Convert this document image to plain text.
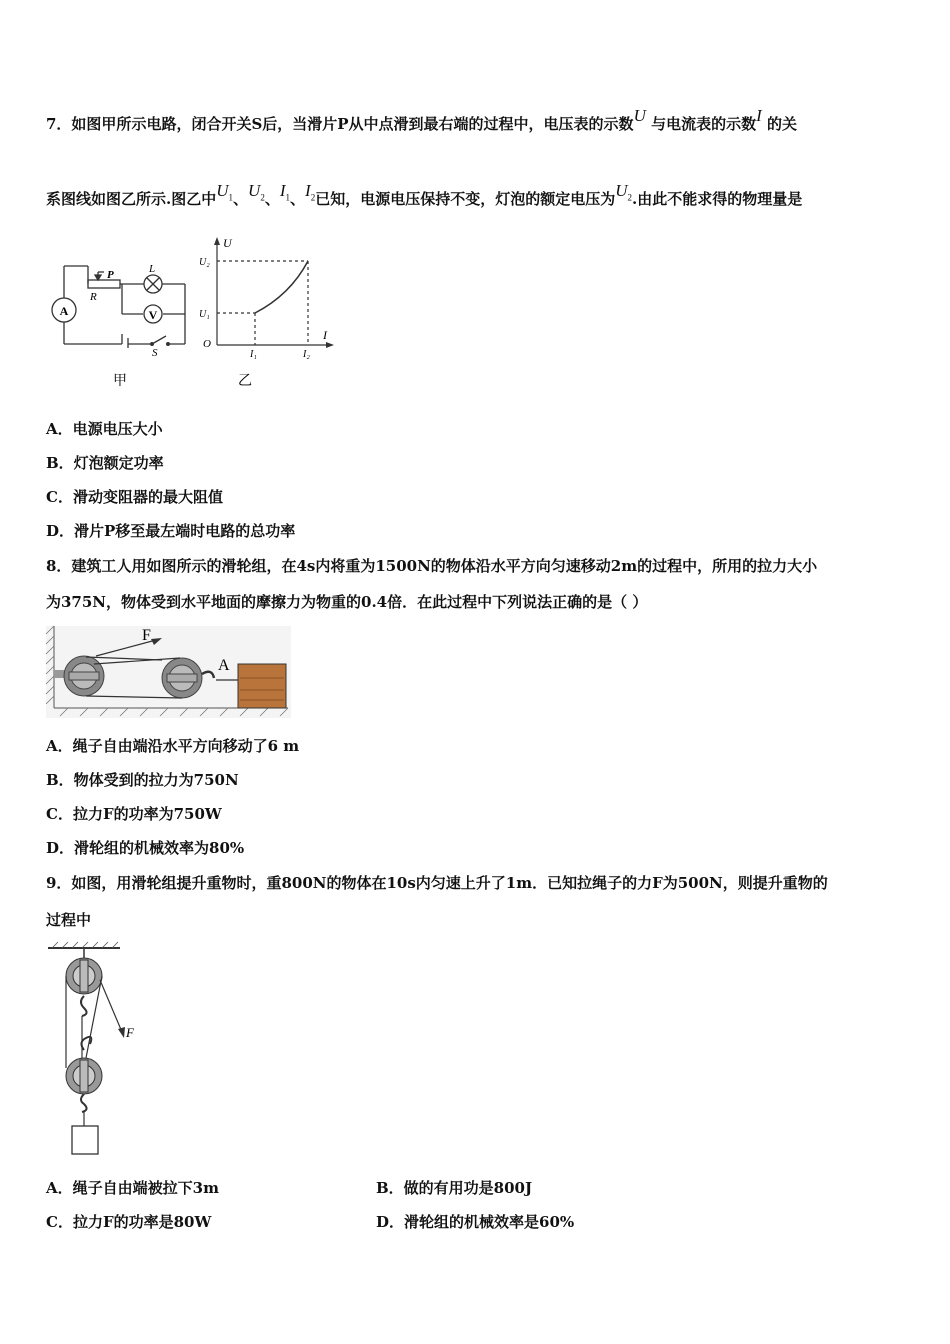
7．如图甲所示电路，闭合开关S后，当滑片P从中点滑到最右端的过程中，电压表的示数U 与电流表的示数I 的关
系图线如图乙所示.图乙中$U_1$、$U_2$、$I_1$、$I_2$已知，电源电压保持不变，灯泡的额定电压为$U_2$.由此不能求得的物理量是
A	V
P
R
L
S
甲
U
I
U₂
U₁
O
I₁	I₂
乙
A．电源电压大小
B．灯泡额定功率
C．滑动变阻器的最大阻值
D．滑片P移至最左端时电路的总功率
8．建筑工人用如图所示的滑轮组，在4s内将重为1500N的物体沿水平方向匀速移动2m的过程中，所用的拉力大小
为375N，物体受到水平地面的摩擦力为物重的0.4倍．在此过程中下列说法正确的是（ ）
F
A
A．绳子自由端沿水平方向移动了6 m
B．物体受到的拉力为750N
C．拉力F的功率为750W
D．滑轮组的机械效率为80%
9．如图，用滑轮组提升重物时，重800N的物体在10s内匀速上升了1m．已知拉绳子的力F为500N，则提升重物的
过程中
F
A．绳子自由端被拉下3m	B．做的有用功是800J
C．拉力F的功率是80W	D．滑轮组的机械效率是60%
